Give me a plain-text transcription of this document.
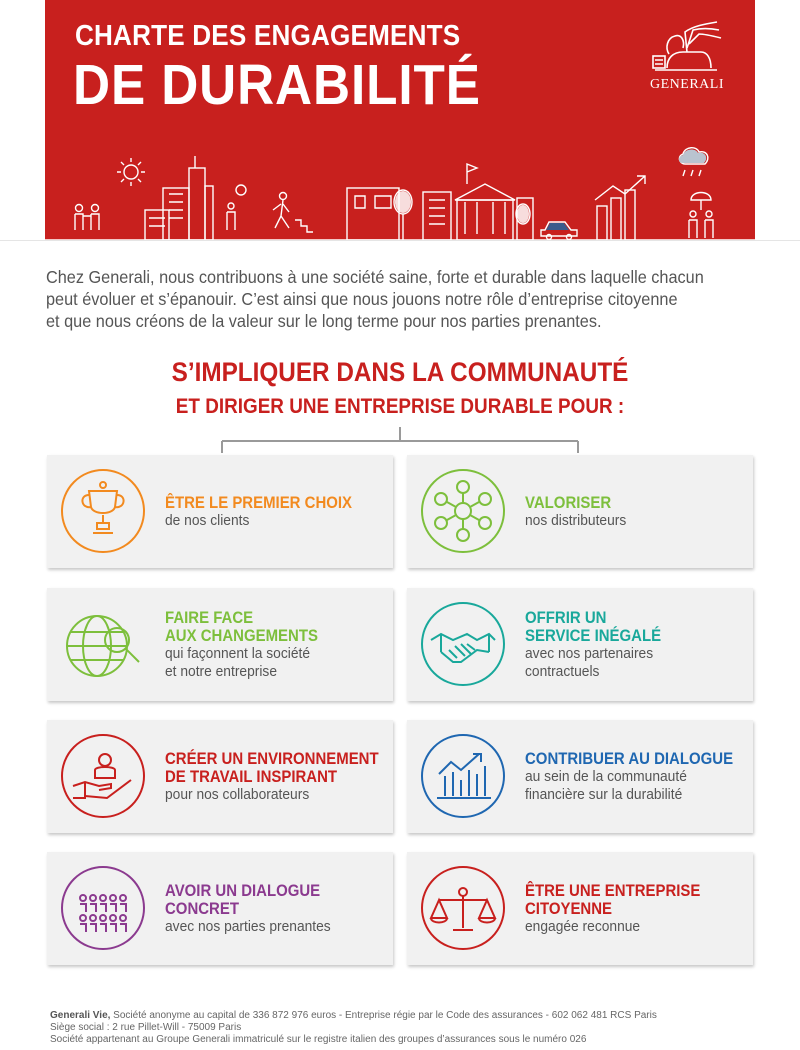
CHARTE DES ENGAGEMENTS
DE DURABILITÉ	GENERALI

Chez Generali, nous contribuons à une société saine, forte et durable dans laquelle chacun

peut évoluer et s’épanouir. C’est ainsi que nous jouons notre rôle d’entreprise citoyenne

et que nous créons de la valeur sur le long terme pour nos parties prenantes.

S’IMPLIQUER DANS LA COMMUNAUTÉ
ET DIRIGER UNE ENTREPRISE DURABLE POUR :
ÊTRE LE PREMIER CHOIX
de nos clients
VALORISER
nos distributeurs
FAIRE FACE
AUX CHANGEMENTS
qui façonnent la société
et notre entreprise
OFFRIR UN
SERVICE INÉGALÉ
avec nos partenaires
contractuels
CRÉER UN ENVIRONNEMENT
DE TRAVAIL INSPIRANT
pour nos collaborateurs
CONTRIBUER AU DIALOGUE
au sein de la communauté
financière sur la durabilité
AVOIR UN DIALOGUE
CONCRET
avec nos parties prenantes
ÊTRE UNE ENTREPRISE
CITOYENNE
engagée reconnue

Generali Vie, Société anonyme au capital de 336 872 976 euros - Entreprise régie par le Code des assurances - 602 062 481 RCS Paris

Siège social : 2 rue Pillet-Will - 75009 Paris

Société appartenant au Groupe Generali immatriculé sur le registre italien des groupes d’assurances sous le numéro 026
